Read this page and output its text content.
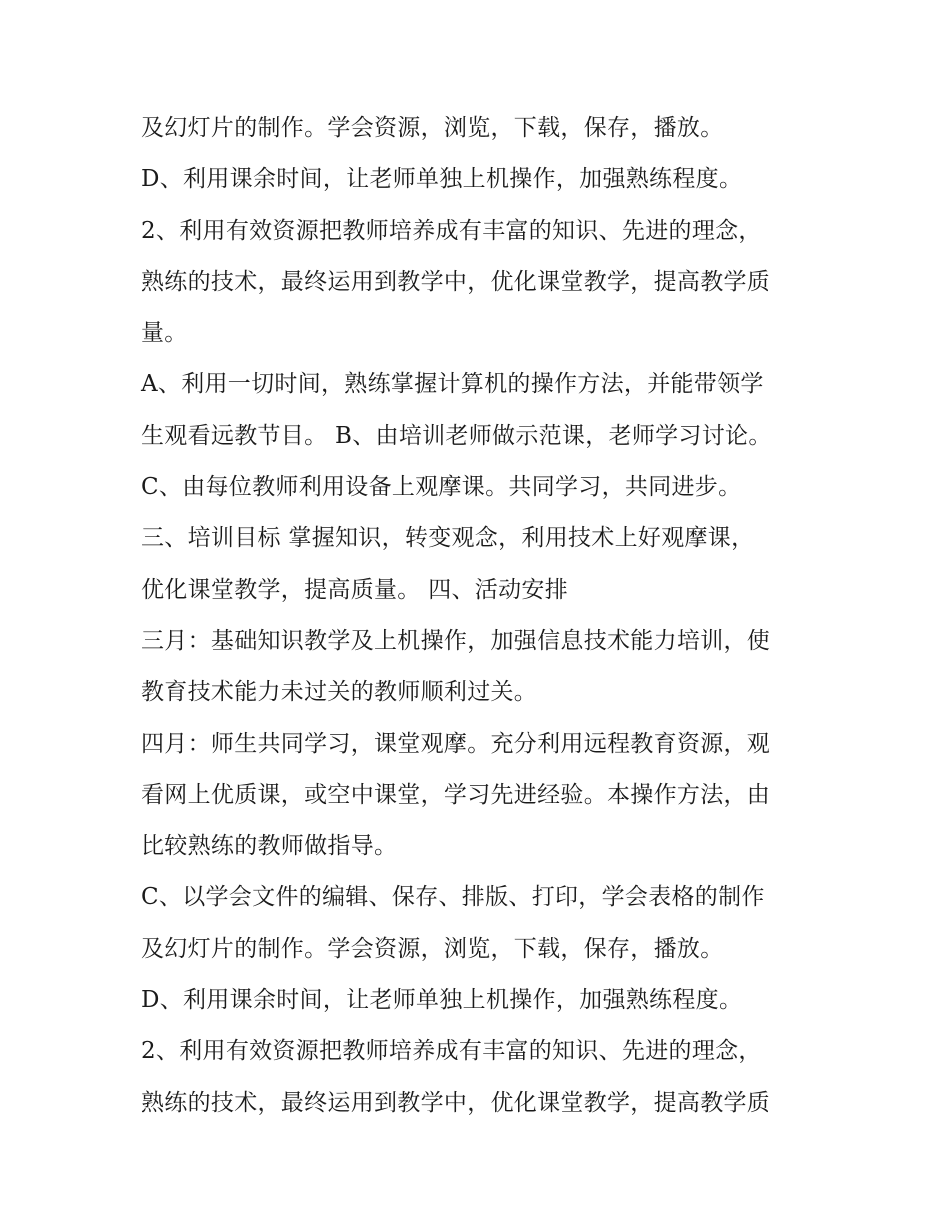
及幻灯片的制作。学会资源，浏览，下载，保存，播放。
D、利用课余时间，让老师单独上机操作，加强熟练程度。
2、利用有效资源把教师培养成有丰富的知识、先进的理念，
熟练的技术，最终运用到教学中，优化课堂教学，提高教学质
量。
A、利用一切时间，熟练掌握计算机的操作方法，并能带领学
生观看远教节目。 B、由培训老师做示范课，老师学习讨论。
C、由每位教师利用设备上观摩课。共同学习，共同进步。
三、培训目标 掌握知识，转变观念，利用技术上好观摩课，
优化课堂教学，提高质量。 四、活动安排
三月：基础知识教学及上机操作，加强信息技术能力培训，使
教育技术能力未过关的教师顺利过关。
四月：师生共同学习，课堂观摩。充分利用远程教育资源，观
看网上优质课，或空中课堂，学习先进经验。本操作方法，由
比较熟练的教师做指导。
C、以学会文件的编辑、保存、排版、打印，学会表格的制作
及幻灯片的制作。学会资源，浏览，下载，保存，播放。
D、利用课余时间，让老师单独上机操作，加强熟练程度。
2、利用有效资源把教师培养成有丰富的知识、先进的理念，
熟练的技术，最终运用到教学中，优化课堂教学，提高教学质
